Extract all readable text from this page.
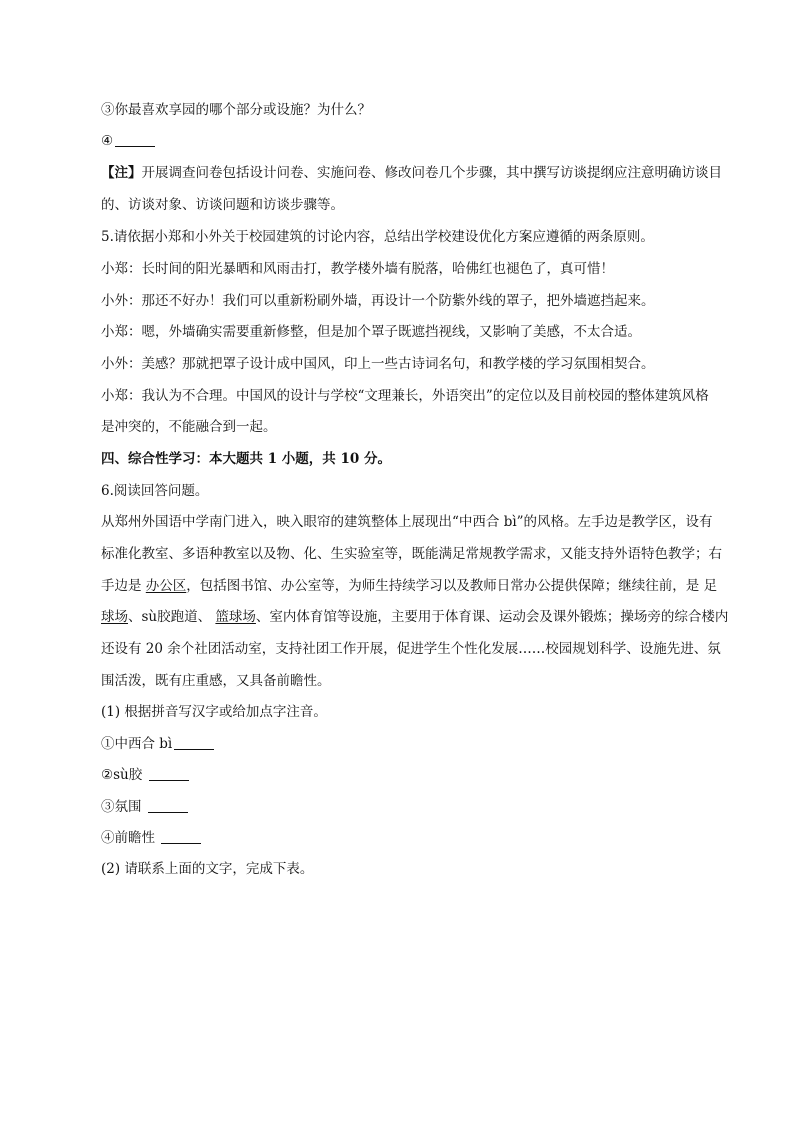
③你最喜欢享园的哪个部分或设施？为什么？
④
【注】开展调查问卷包括设计问卷、实施问卷、修改问卷几个步骤，其中撰写访谈提纲应注意明确访谈目
的、访谈对象、访谈问题和访谈步骤等。
5.请依据小郑和小外关于校园建筑的讨论内容，总结出学校建设优化方案应遵循的两条原则。
小郑：长时间的阳光暴晒和风雨击打，教学楼外墙有脱落，哈佛红也褪色了，真可惜！
小外：那还不好办！我们可以重新粉刷外墙，再设计一个防紫外线的罩子，把外墙遮挡起来。
小郑：嗯，外墙确实需要重新修整，但是加个罩子既遮挡视线，又影响了美感，不太合适。
小外：美感？那就把罩子设计成中国风，印上一些古诗词名句，和教学楼的学习氛围相契合。
小郑：我认为不合理。中国风的设计与学校“文理兼长，外语突出”的定位以及目前校园的整体建筑风格
是冲突的，不能融合到一起。
四、综合性学习：本大题共 1 小题，共 10 分。
6.阅读回答问题。
从郑州外国语中学南门进入，映入眼帘的建筑整体上展现出“中西合 bì”的风格。左手边是教学区，设有
标准化教室、多语种教室以及物、化、生实验室等，既能满足常规教学需求，又能支持外语特色教学；右
手边是 办公区，包括图书馆、办公室等，为师生持续学习以及教师日常办公提供保障；继续往前，是 足
球场、sù胶跑道、 篮球场、室内体育馆等设施，主要用于体育课、运动会及课外锻炼；操场旁的综合楼内
还设有 20 余个社团活动室，支持社团工作开展，促进学生个性化发展……校园规划科学、设施先进、氛
围活泼，既有庄重感，又具备前瞻性。
(1) 根据拼音写汉字或给加点字注音。
①中西合 bì
②sù胶
③氛围
④前瞻性
(2) 请联系上面的文字，完成下表。
